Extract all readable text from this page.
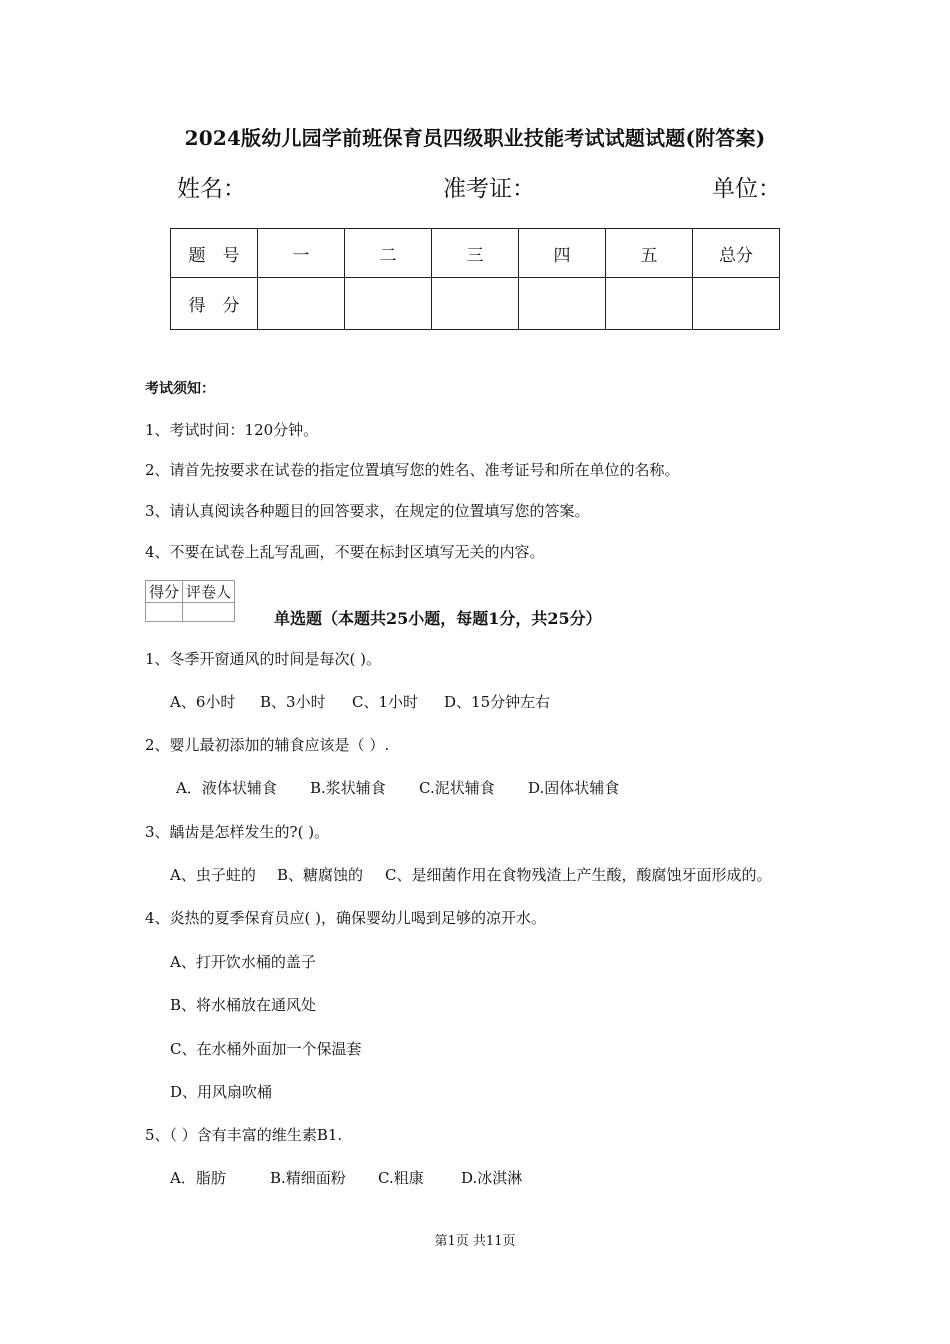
2024版幼儿园学前班保育员四级职业技能考试试题试题(附答案)
姓名：	准考证：	单位：
题　号	一	二	三	四	五	总分
得　分						
考试须知：
1、考试时间：120分钟。
2、请首先按要求在试卷的指定位置填写您的姓名、准考证号和所在单位的名称。
3、请认真阅读各种题目的回答要求，在规定的位置填写您的答案。
4、不要在试卷上乱写乱画，不要在标封区填写无关的内容。
得分	评卷人

单选题（本题共25小题，每题1分，共25分）
1、冬季开窗通风的时间是每次( )。
A、6小时 B、3小时 C、1小时 D、15分钟左右
2、婴儿最初添加的辅食应该是（ ）.
A．液体状辅食 B.浆状辅食 C.泥状辅食 D.固体状辅食
3、龋齿是怎样发生的?( )。
A、虫子蛀的 B、糖腐蚀的 C、是细菌作用在食物残渣上产生酸，酸腐蚀牙面形成的。
4、炎热的夏季保育员应( )，确保婴幼儿喝到足够的凉开水。
A、打开饮水桶的盖子
B、将水桶放在通风处
C、在水桶外面加一个保温套
D、用风扇吹桶
5、（ ）含有丰富的维生素B1.
A．脂肪	B.精细面粉 C.粗康 D.冰淇淋
第1页 共11页
